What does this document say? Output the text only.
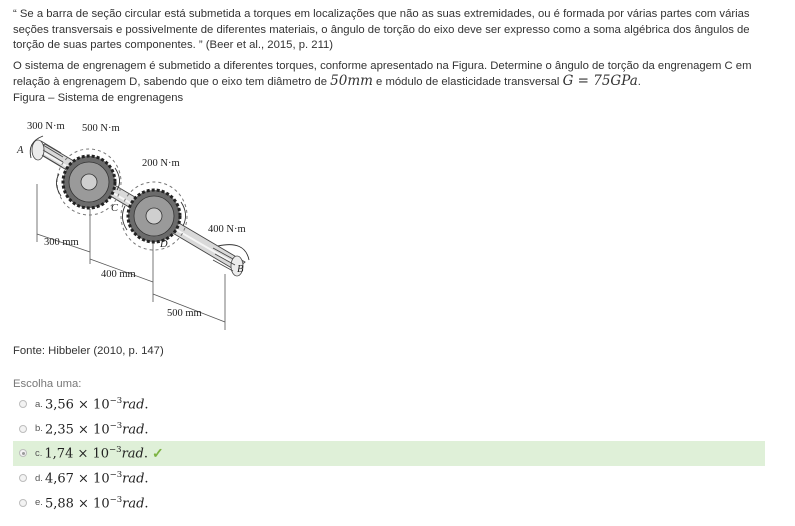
“ Se a barra de seção circular está submetida a torques em localizações que não as suas extremidades, ou é formada por várias partes com várias seções transversais e possivelmente de diferentes materiais, o ângulo de torção do eixo deve ser expresso como a soma algébrica dos ângulos de torção de suas partes componentes. ” (Beer et al., 2015, p. 211)

O sistema de engrenagem é submetido a diferentes torques, conforme apresentado na Figura. Determine o ângulo de torção da engrenagem C em relação à engrenagem D, sabendo que o eixo tem diâmetro de 50mm e módulo de elasticidade transversal G = 75GPa.

Figura – Sistema de engrenagens

300 N·m 500 N·m
200 N·m
400 N·m
A
B
C
D
300 mm
400 mm
500 mm

Fonte: Hibbeler (2010, p. 147)

Escolha uma:

a. $3,56 \times 10^{-3}rad$.
b. $2,35 \times 10^{-3}rad$.
c. $1,74 \times 10^{-3}rad$. ✓
d. $4,67 \times 10^{-3}rad$.
e. $5,88 \times 10^{-3}rad$.
